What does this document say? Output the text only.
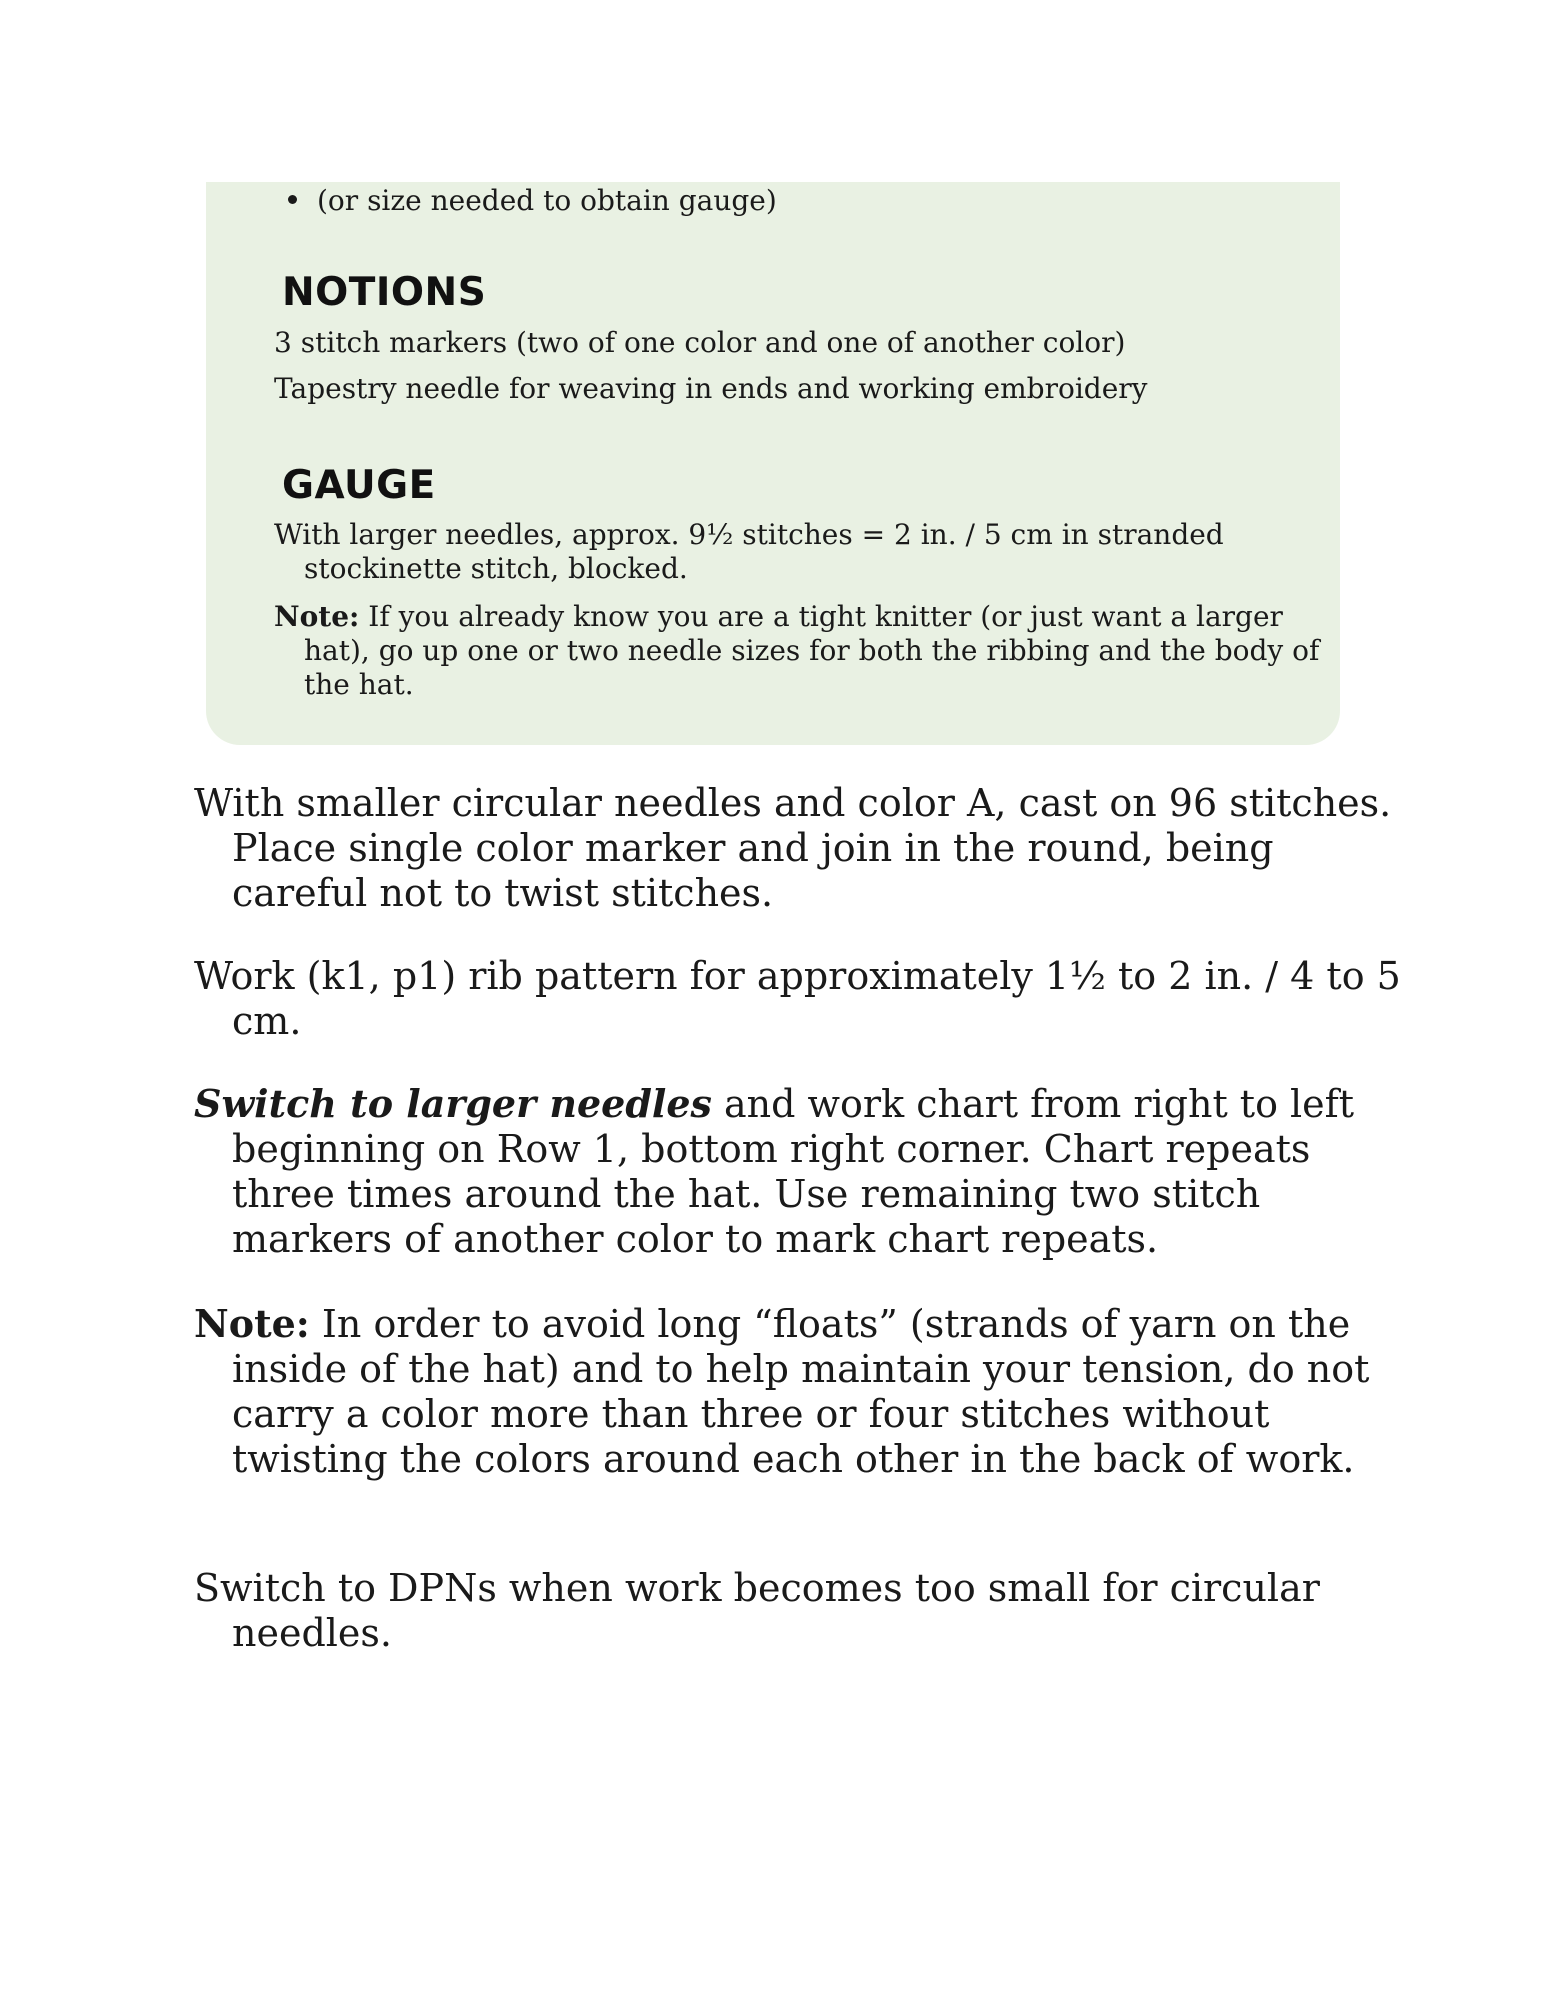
(or size needed to obtain gauge)
NOTIONS

3 stitch markers (two of one color and one of another color)

Tapestry needle for weaving in ends and working embroidery

GAUGE

With larger needles, approx. 9½ stitches = 2 in. / 5 cm in stranded stockinette stitch, blocked.

Note: If you already know you are a tight knitter (or just want a larger hat), go up one or two needle sizes for both the ribbing and the body of the hat.

With smaller circular needles and color A, cast on 96 stitches. Place single color marker and join in the round, being careful not to twist stitches.

Work (k1, p1) rib pattern for approximately 1½ to 2 in. / 4 to 5 cm.

Switch to larger needles and work chart from right to left beginning on Row 1, bottom right corner. Chart repeats three times around the hat. Use remaining two stitch markers of another color to mark chart repeats.

Note: In order to avoid long “floats” (strands of yarn on the inside of the hat) and to help maintain your tension, do not carry a color more than three or four stitches without twisting the colors around each other in the back of work.

Switch to DPNs when work becomes too small for circular needles.
